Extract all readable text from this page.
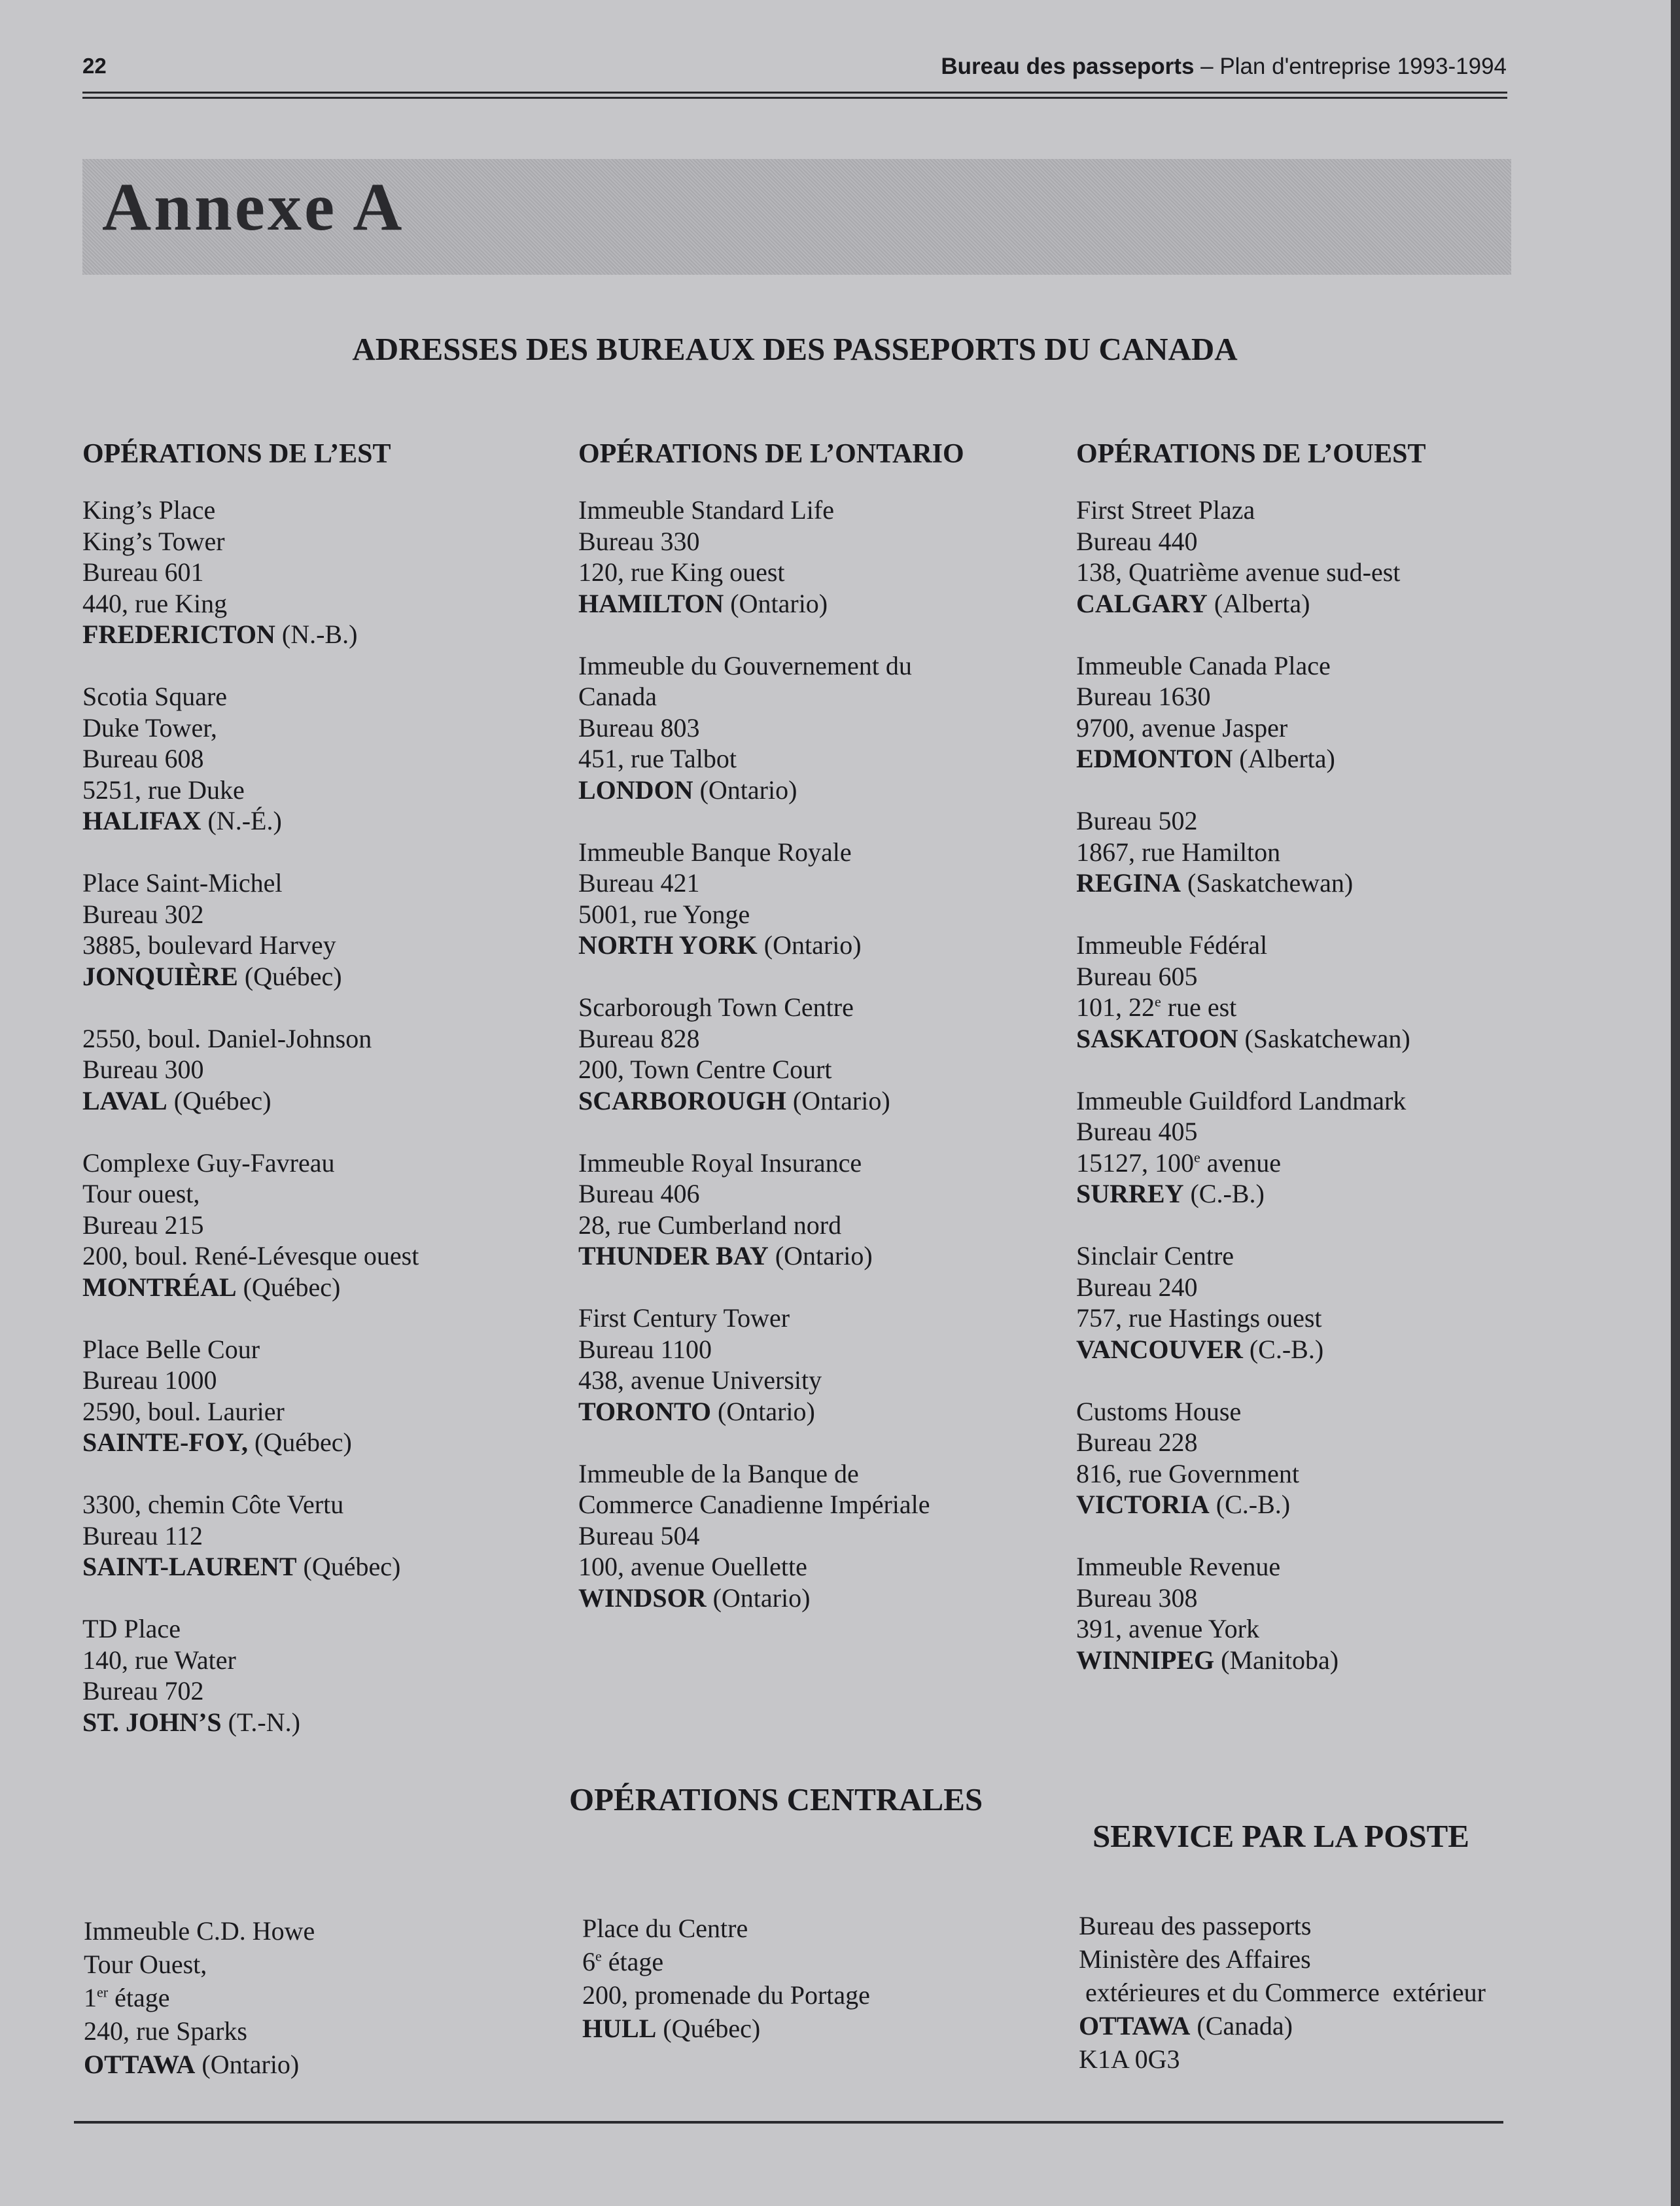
22	Bureau des passeports – Plan d'entreprise 1993-1994
Annexe A
ADRESSES DES BUREAUX DES PASSEPORTS DU CANADA
OPÉRATIONS DE L’EST
King’s Place
King’s Tower
Bureau 601
440, rue King
FREDERICTON (N.-B.)
Scotia Square
Duke Tower,
Bureau 608
5251, rue Duke
HALIFAX (N.-É.)
Place Saint-Michel
Bureau 302
3885, boulevard Harvey
JONQUIÈRE (Québec)
2550, boul. Daniel-Johnson
Bureau 300
LAVAL (Québec)
Complexe Guy-Favreau
Tour ouest,
Bureau 215
200, boul. René-Lévesque ouest
MONTRÉAL (Québec)
Place Belle Cour
Bureau 1000
2590, boul. Laurier
SAINTE-FOY, (Québec)
3300, chemin Côte Vertu
Bureau 112
SAINT-LAURENT (Québec)
TD Place
140, rue Water
Bureau 702
ST. JOHN’S (T.-N.)
OPÉRATIONS DE L’ONTARIO
Immeuble Standard Life
Bureau 330
120, rue King ouest
HAMILTON (Ontario)
Immeuble du Gouvernement du
Canada
Bureau 803
451, rue Talbot
LONDON (Ontario)
Immeuble Banque Royale
Bureau 421
5001, rue Yonge
NORTH YORK (Ontario)
Scarborough Town Centre
Bureau 828
200, Town Centre Court
SCARBOROUGH (Ontario)
Immeuble Royal Insurance
Bureau 406
28, rue Cumberland nord
THUNDER BAY (Ontario)
First Century Tower
Bureau 1100
438, avenue University
TORONTO (Ontario)
Immeuble de la Banque de
Commerce Canadienne Impériale
Bureau 504
100, avenue Ouellette
WINDSOR (Ontario)
OPÉRATIONS DE L’OUEST
First Street Plaza
Bureau 440
138, Quatrième avenue sud-est
CALGARY (Alberta)
Immeuble Canada Place
Bureau 1630
9700, avenue Jasper
EDMONTON (Alberta)
Bureau 502
1867, rue Hamilton
REGINA (Saskatchewan)
Immeuble Fédéral
Bureau 605
101, 22e rue est
SASKATOON (Saskatchewan)
Immeuble Guildford Landmark
Bureau 405
15127, 100e avenue
SURREY (C.-B.)
Sinclair Centre
Bureau 240
757, rue Hastings ouest
VANCOUVER (C.-B.)
Customs House
Bureau 228
816, rue Government
VICTORIA (C.-B.)
Immeuble Revenue
Bureau 308
391, avenue York
WINNIPEG (Manitoba)
OPÉRATIONS CENTRALES
SERVICE PAR LA POSTE
Immeuble C.D. Howe
Tour Ouest,
1er étage
240, rue Sparks
OTTAWA (Ontario)
Place du Centre
6e étage
200, promenade du Portage
HULL (Québec)
Bureau des passeports
Ministère des Affaires
extérieures et du Commerce  extérieur
OTTAWA (Canada)
K1A 0G3
